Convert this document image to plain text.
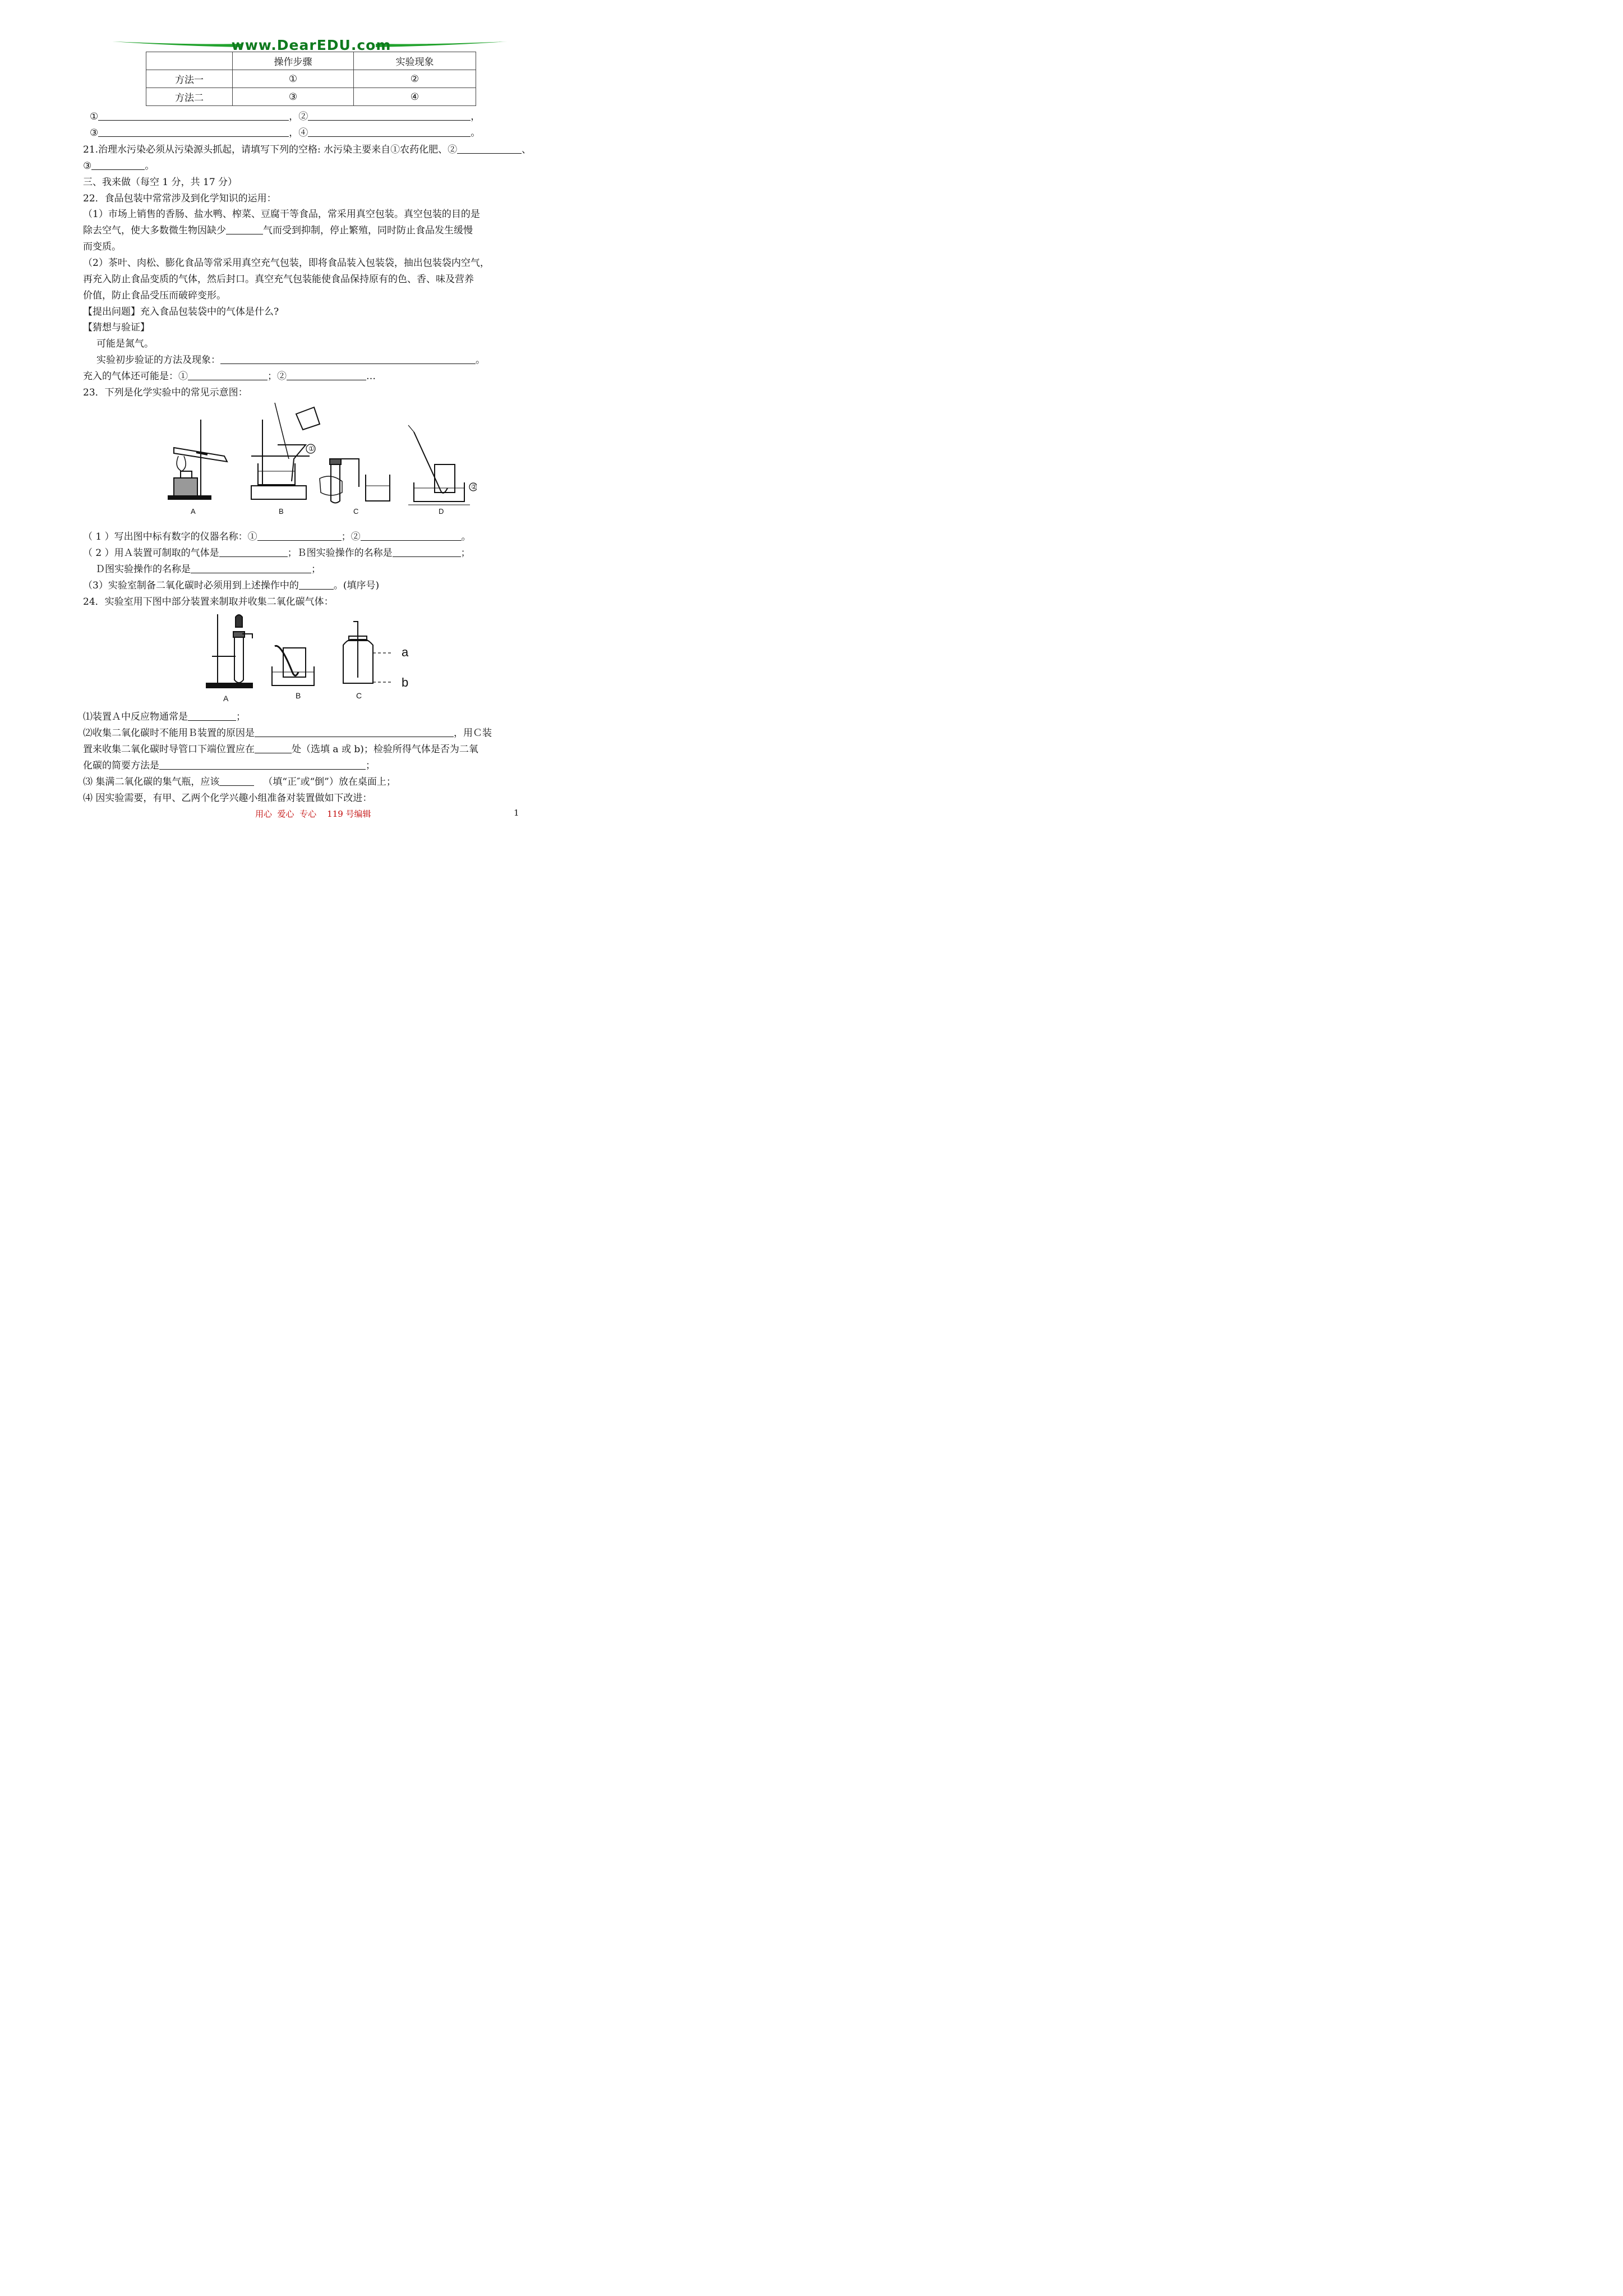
www.DearEDU.com
	操作步骤	实验现象
方法一	①	②
方法二	③	④
①	，②	，
③	，④	。
21.治理水污染必须从污染源头抓起，请填写下列的空格: 水污染主要来自①农药化肥、②	、
③	。
三、我来做（每空 1 分，共 17 分）
22．食品包装中常常涉及到化学知识的运用：
（1）市场上销售的香肠、盐水鸭、榨菜、豆腐干等食品，常采用真空包装。真空包装的目的是
除去空气，使大多数微生物因缺少	气而受到抑制，停止繁殖，同时防止食品发生缓慢
而变质。
（2）茶叶、肉松、膨化食品等常采用真空充气包装，即将食品装入包装袋，抽出包装袋内空气，
再充入防止食品变质的气体，然后封口。真空充气包装能使食品保持原有的色、香、味及营养
价值，防止食品受压而破碎变形。
【提出问题】充入食品包装袋中的气体是什么?
【猜想与验证】
可能是氮气。
实验初步验证的方法及现象：	。
充入的气体还可能是：①	；②	…
23．下列是化学实验中的常见示意图：
A	B	C	D
（ 1 ）写出图中标有数字的仪器名称：①	；②	。
（ 2 ）用Ａ装置可制取的气体是	；Ｂ图实验操作的名称是	；
Ｄ图实验操作的名称是	；
（3）实验室制备二氧化碳时必须用到上述操作中的	。(填序号)
24．实验室用下图中部分装置来制取并收集二氧化碳气体：
a
b
A	B	C
⑴装置Ａ中反应物通常是	；
⑵收集二氧化碳时不能用Ｂ装置的原因是	，用Ｃ装
置来收集二氧化碳时导管口下端位置应在	处（选填 a 或 b)；检验所得气体是否为二氧
化碳的简要方法是	；
⑶ 集满二氧化碳的集气瓶，应该	（填“正″或“倒”）放在桌面上；
⑷ 因实验需要，有甲、乙两个化学兴趣小组准备对装置做如下改进：
用心  爱心  专心    119 号编辑	1
①
②
